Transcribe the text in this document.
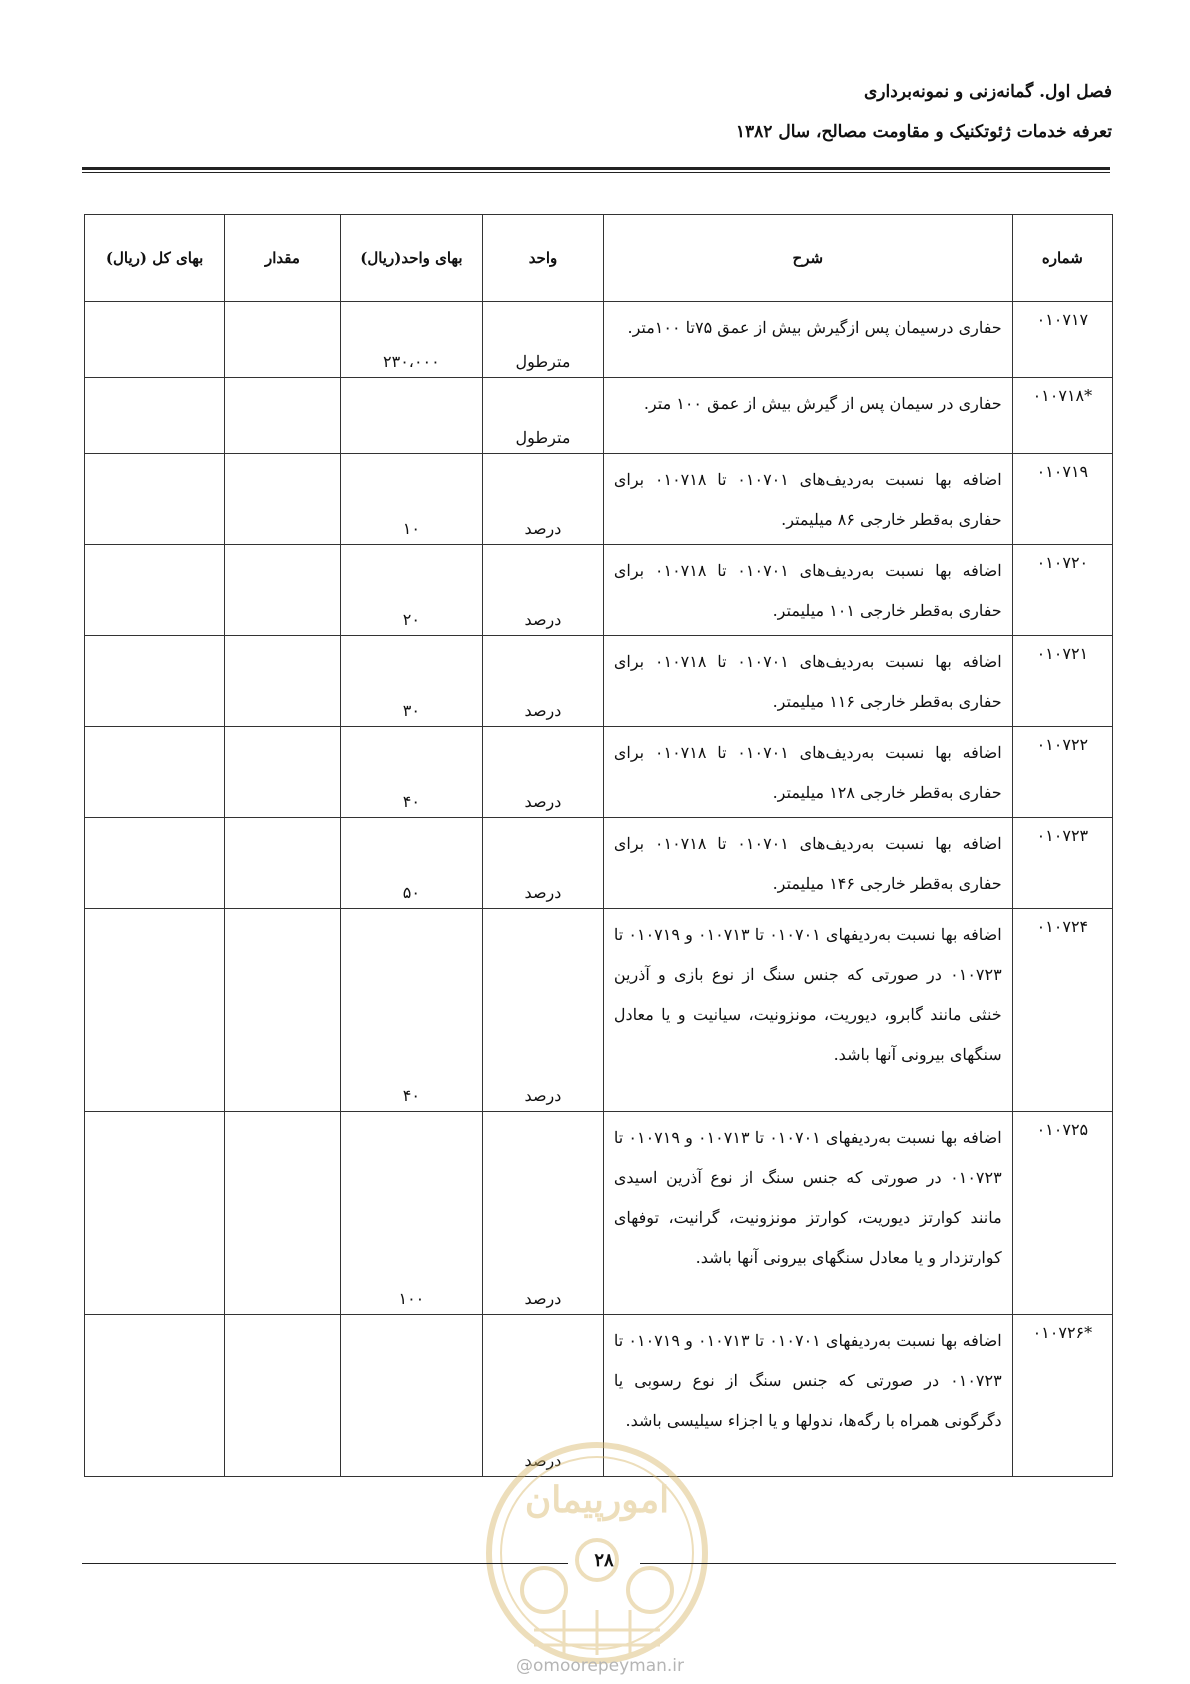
فصل اول. گمانه‌زنی و نمونه‌برداری
تعرفه خدمات ژئوتکنیک و مقاومت مصالح، سال ۱۳۸۲
شماره	شرح	واحد	بهای واحد(ریال)	مقدار	بهای کل (ریال)
۰۱۰۷۱۷	حفاری درسیمان پس ازگیرش بیش از عمق ۷۵تا ۱۰۰متر.	مترطول	۲۳۰،۰۰۰		
*۰۱۰۷۱۸	حفاری در سیمان پس از گیرش بیش از عمق ۱۰۰ متر.	مترطول			
۰۱۰۷۱۹	اضافه بها نسبت به‌ردیف‌های ۰۱۰۷۰۱ تا ۰۱۰۷۱۸ برای حفاری به‌قطر خارجی ۸۶ میلیمتر.	درصد	۱۰		
۰۱۰۷۲۰	اضافه بها نسبت به‌ردیف‌های ۰۱۰۷۰۱ تا ۰۱۰۷۱۸ برای حفاری به‌قطر خارجی ۱۰۱ میلیمتر.	درصد	۲۰		
۰۱۰۷۲۱	اضافه بها نسبت به‌ردیف‌های ۰۱۰۷۰۱ تا ۰۱۰۷۱۸ برای حفاری به‌قطر خارجی ۱۱۶ میلیمتر.	درصد	۳۰		
۰۱۰۷۲۲	اضافه بها نسبت به‌ردیف‌های ۰۱۰۷۰۱ تا ۰۱۰۷۱۸ برای حفاری به‌قطر خارجی ۱۲۸ میلیمتر.	درصد	۴۰		
۰۱۰۷۲۳	اضافه بها نسبت به‌ردیف‌های ۰۱۰۷۰۱ تا ۰۱۰۷۱۸ برای حفاری به‌قطر خارجی ۱۴۶ میلیمتر.	درصد	۵۰		
۰۱۰۷۲۴	اضافه بها نسبت به‌ردیفهای ۰۱۰۷۰۱ تا ۰۱۰۷۱۳ و ۰۱۰۷۱۹ تا ۰۱۰۷۲۳ در صورتی که جنس سنگ از نوع بازی و آذرین خنثی مانند گابرو، دیوریت، مونزونیت، سیانیت و یا معادل سنگهای بیرونی آنها باشد.	درصد	۴۰		
۰۱۰۷۲۵	اضافه بها نسبت به‌ردیفهای ۰۱۰۷۰۱ تا ۰۱۰۷۱۳ و ۰۱۰۷۱۹ تا ۰۱۰۷۲۳ در صورتی که جنس سنگ از نوع آذرین اسیدی مانند کوارتز دیوریت، کوارتز مونزونیت، گرانیت، توفهای کوارتزدار و یا معادل سنگهای بیرونی آنها باشد.	درصد	۱۰۰		
*۰۱۰۷۲۶	اضافه بها نسبت به‌ردیفهای ۰۱۰۷۰۱ تا ۰۱۰۷۱۳ و ۰۱۰۷۱۹ تا ۰۱۰۷۲۳ در صورتی که جنس سنگ از نوع رسوبی یا دگرگونی همراه با رگه‌ها، ندولها و یا اجزاء سیلیسی باشد.	درصد			
امورپیمان
۲۸
@omoorepeyman.ir
